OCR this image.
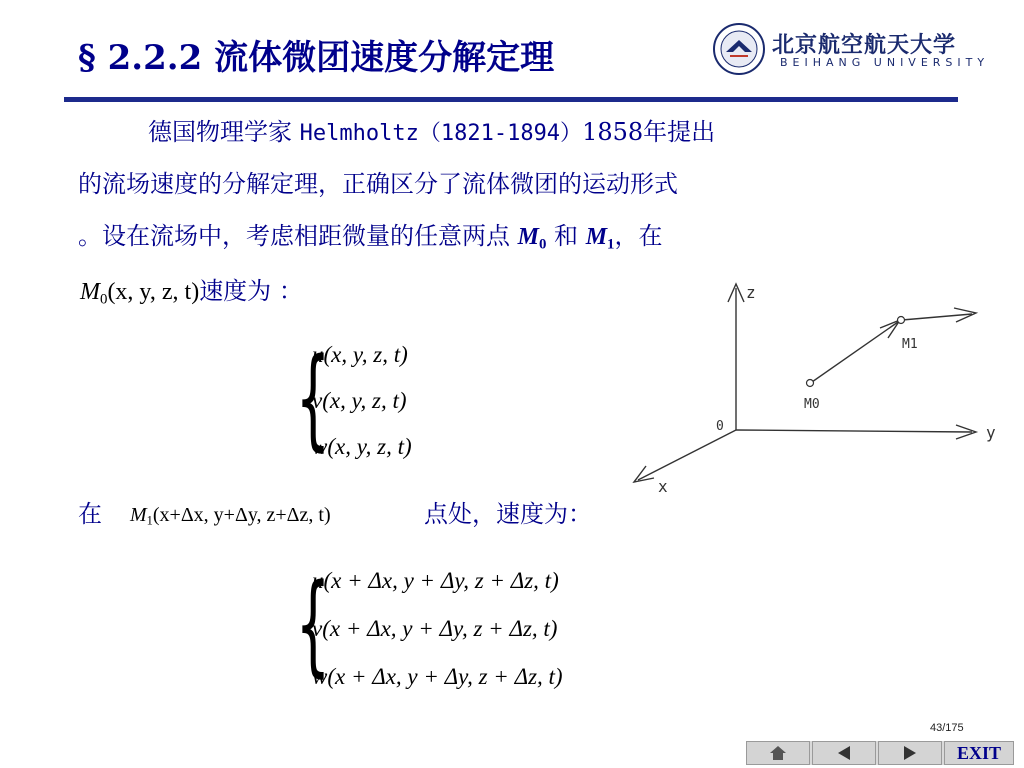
§ 2.2.2 流体微团速度分解定理	北京航空航天大学
BEIHANG UNIVERSITY
德国物理学家 Helmholtz（1821-1894）1858年提出
的流场速度的分解定理，正确区分了流体微团的运动形式
。设在流场中，考虑相距微量的任意两点 $M_0$ 和 $M_1$，在
$M_0(x$, y, z, t)速度为 ：
{
u(x, y, z, t)
v(x, y, z, t)
w(x, y, z, t)
z
y
x
0
M0
M1
在 $M_1(x+\Delta x$, y+Δy, z+Δz, t)	点处，速度为：
{
u(x + Δx, y + Δy, z + Δz, t)
v(x + Δx, y + Δy, z + Δz, t)
w(x + Δx, y + Δy, z + Δz, t)
43/175
EXIT
